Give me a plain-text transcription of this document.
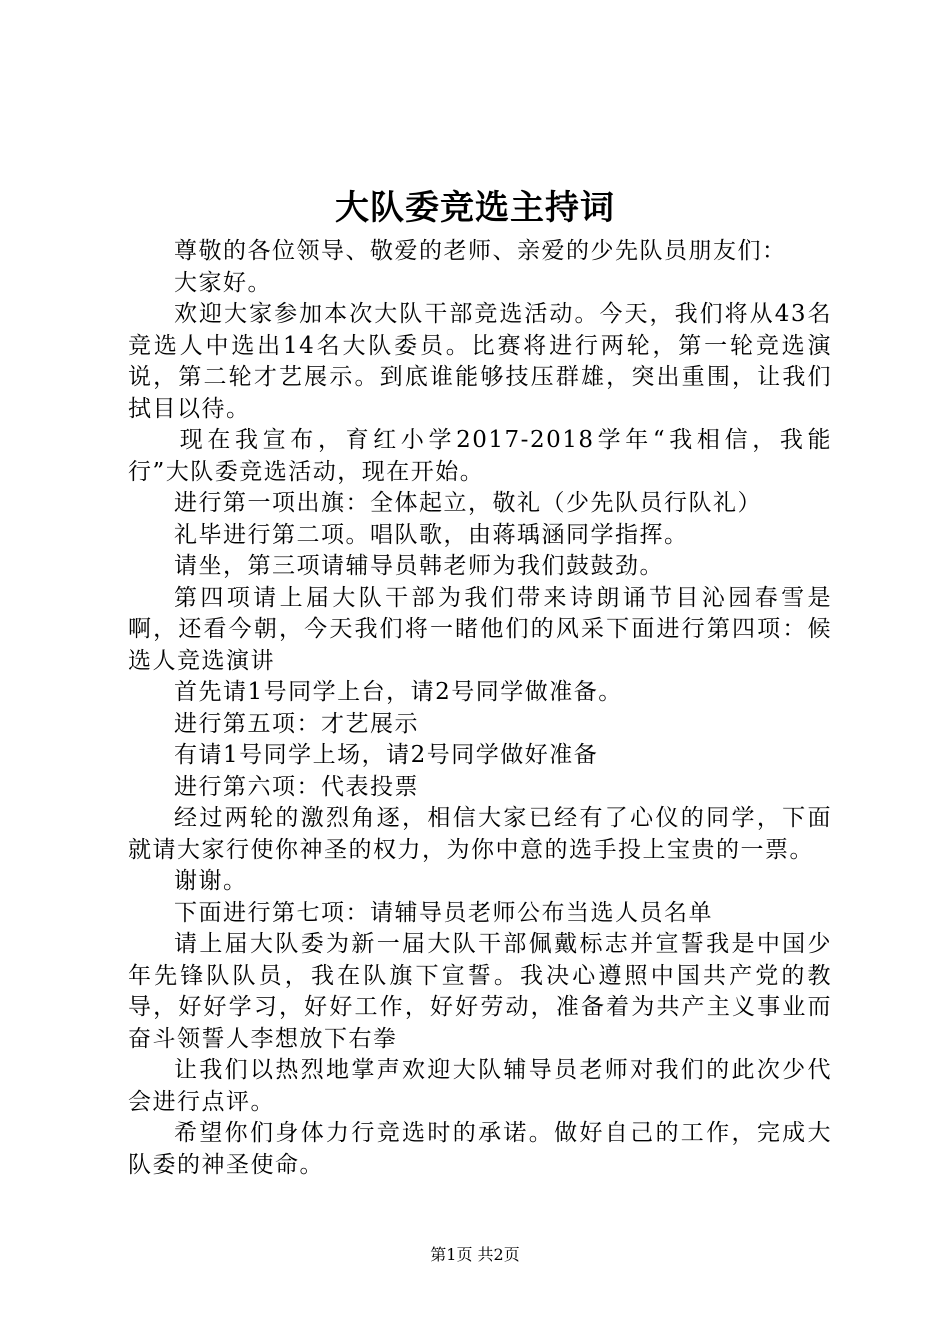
大队委竞选主持词

尊敬的各位领导、敬爱的老师、亲爱的少先队员朋友们：

大家好。

欢迎大家参加本次大队干部竞选活动。今天，我们将从43名竞选人中选出14名大队委员。比赛将进行两轮，第一轮竞选演说，第二轮才艺展示。到底谁能够技压群雄，突出重围，让我们拭目以待。

现在我宣布，育红小学2017-2018学年“我相信，我能行”大队委竞选活动，现在开始。

进行第一项出旗：全体起立，敬礼（少先队员行队礼）

礼毕进行第二项。唱队歌，由蒋瑀涵同学指挥。

请坐，第三项请辅导员韩老师为我们鼓鼓劲。

第四项请上届大队干部为我们带来诗朗诵节目沁园春雪是啊，还看今朝，今天我们将一睹他们的风采下面进行第四项：候选人竞选演讲

首先请1号同学上台，请2号同学做准备。

进行第五项：才艺展示

有请1号同学上场，请2号同学做好准备

进行第六项：代表投票

经过两轮的激烈角逐，相信大家已经有了心仪的同学，下面就请大家行使你神圣的权力，为你中意的选手投上宝贵的一票。

谢谢。

下面进行第七项：请辅导员老师公布当选人员名单

请上届大队委为新一届大队干部佩戴标志并宣誓我是中国少年先锋队队员，我在队旗下宣誓。我决心遵照中国共产党的教导，好好学习，好好工作，好好劳动，准备着为共产主义事业而奋斗领誓人李想放下右拳

让我们以热烈地掌声欢迎大队辅导员老师对我们的此次少代会进行点评。

希望你们身体力行竞选时的承诺。做好自己的工作，完成大队委的神圣使命。

第1页 共2页
